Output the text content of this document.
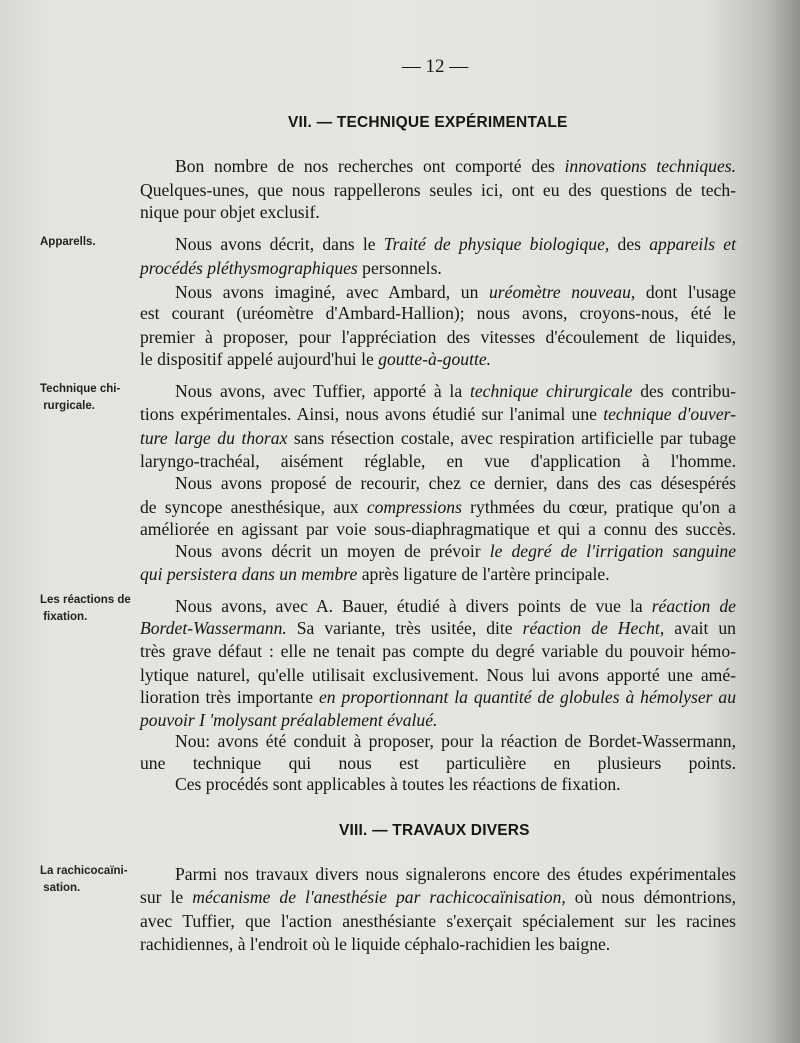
— 12 —
VII. — TECHNIQUE EXPÉRIMENTALE
Apparells.
Technique chi-
rurgicale.
Les réactions de
fixation.
Bon nombre de nos recherches ont comporté des innovations techniques.
Quelques-unes, que nous rappellerons seules ici, ont eu des questions de tech-
nique pour objet exclusif.
Nous avons décrit, dans le Traité de physique biologique, des appareils et
procédés pléthysmographiques personnels.
Nous avons imaginé, avec Ambard, un uréomètre nouveau, dont l'usage
est courant (uréomètre d'Ambard-Hallion); nous avons, croyons-nous, été le
premier à proposer, pour l'appréciation des vitesses d'écoulement de liquides,
le dispositif appelé aujourd'hui le goutte-à-goutte.
Nous avons, avec Tuffier, apporté à la technique chirurgicale des contribu-
tions expérimentales. Ainsi, nous avons étudié sur l'animal une technique d'ouver-
ture large du thorax sans résection costale, avec respiration artificielle par tubage
laryngo-trachéal, aisément réglable, en vue d'application à l'homme.
Nous avons proposé de recourir, chez ce dernier, dans des cas désespérés
de syncope anesthésique, aux compressions rythmées du cœur, pratique qu'on a
améliorée en agissant par voie sous-diaphragmatique et qui a connu des succès.
Nous avons décrit un moyen de prévoir le degré de l'irrigation sanguine
qui persistera dans un membre après ligature de l'artère principale.
Nous avons, avec A. Bauer, étudié à divers points de vue la réaction de
Bordet-Wassermann. Sa variante, très usitée, dite réaction de Hecht, avait un
très grave défaut : elle ne tenait pas compte du degré variable du pouvoir hémo-
lytique naturel, qu'elle utilisait exclusivement. Nous lui avons apporté une amé-
lioration très importante en proportionnant la quantité de globules à hémolyser au
pouvoir I 'molysant préalablement évalué.
Nou: avons été conduit à proposer, pour la réaction de Bordet-Wassermann,
une technique qui nous est particulière en plusieurs points.
Ces procédés sont applicables à toutes les réactions de fixation.
VIII. — TRAVAUX DIVERS
La rachicocaïni-
sation.
Parmi nos travaux divers nous signalerons encore des études expérimentales
sur le mécanisme de l'anesthésie par rachicocaïnisation, où nous démontrions,
avec Tuffier, que l'action anesthésiante s'exerçait spécialement sur les racines
rachidiennes, à l'endroit où le liquide céphalo-rachidien les baigne.
